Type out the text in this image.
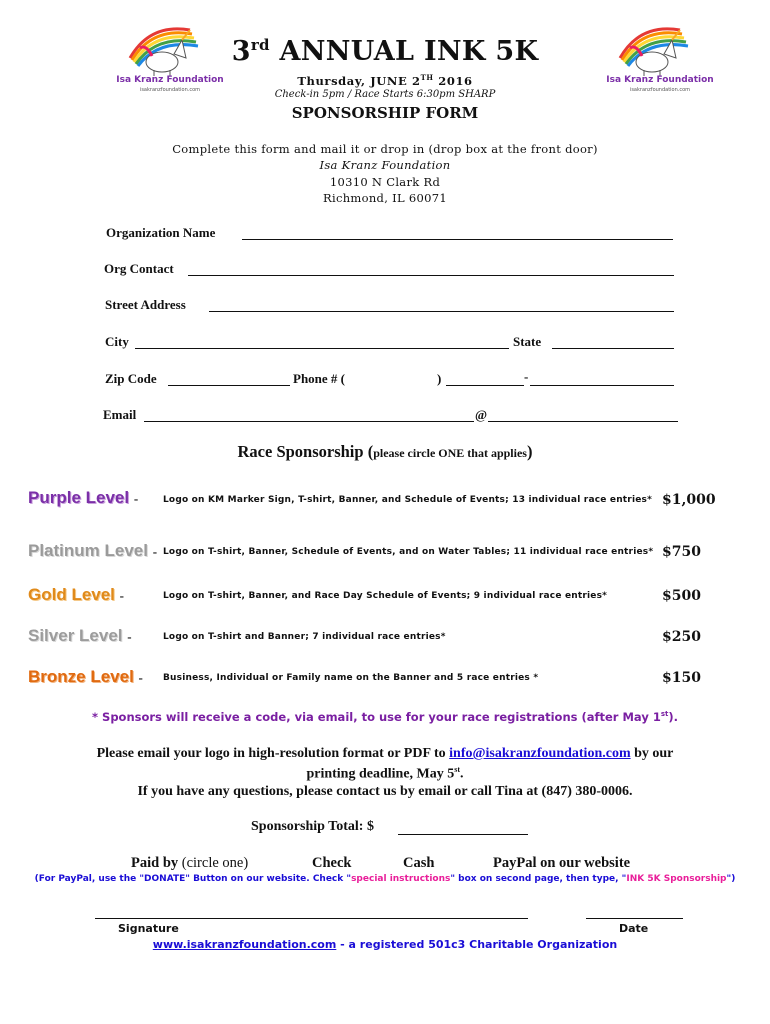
Isa Kranz Foundation
isakranzfoundation.com
Isa Kranz Foundation
isakranzfoundation.com
3rd ANNUAL INK 5K
Thursday, JUNE 2TH 2016
Check-in 5pm / Race Starts 6:30pm SHARP
SPONSORSHIP FORM
Complete this form and mail it or drop in (drop box at the front door)
Isa Kranz Foundation
10310 N Clark Rd
Richmond, IL 60071
Organization Name
Org Contact
Street Address
City	State
Zip Code	Phone # (	)	-
Email	@
Race Sponsorship (please circle ONE that applies)
Purple Level -	Logo on KM Marker Sign, T-shirt, Banner, and Schedule of Events; 13 individual race entries* $1,000
Platinum Level - Logo on T-shirt, Banner, Schedule of Events, and on Water Tables; 11 individual race entries* $750
Gold Level -	Logo on T-shirt, Banner, and Race Day Schedule of Events; 9 individual race entries*	$500
Silver Level -	Logo on T-shirt and Banner; 7 individual race entries*	$250
Bronze Level - Business, Individual or Family name on the Banner and 5 race entries *	$150
* Sponsors will receive a code, via email, to use for your race registrations (after May 1st).
Please email your logo in high-resolution format or PDF to info@isakranzfoundation.com by our
printing deadline, May 5st.
If you have any questions, please contact us by email or call Tina at (847) 380-0006.
Sponsorship Total: $
Paid by (circle one)	Check	Cash	PayPal on our website
(For PayPal, use the "DONATE" Button on our website. Check "special instructions" box on second page, then type, "INK 5K Sponsorship")
Signature	Date
www.isakranzfoundation.com - a registered 501c3 Charitable Organization
